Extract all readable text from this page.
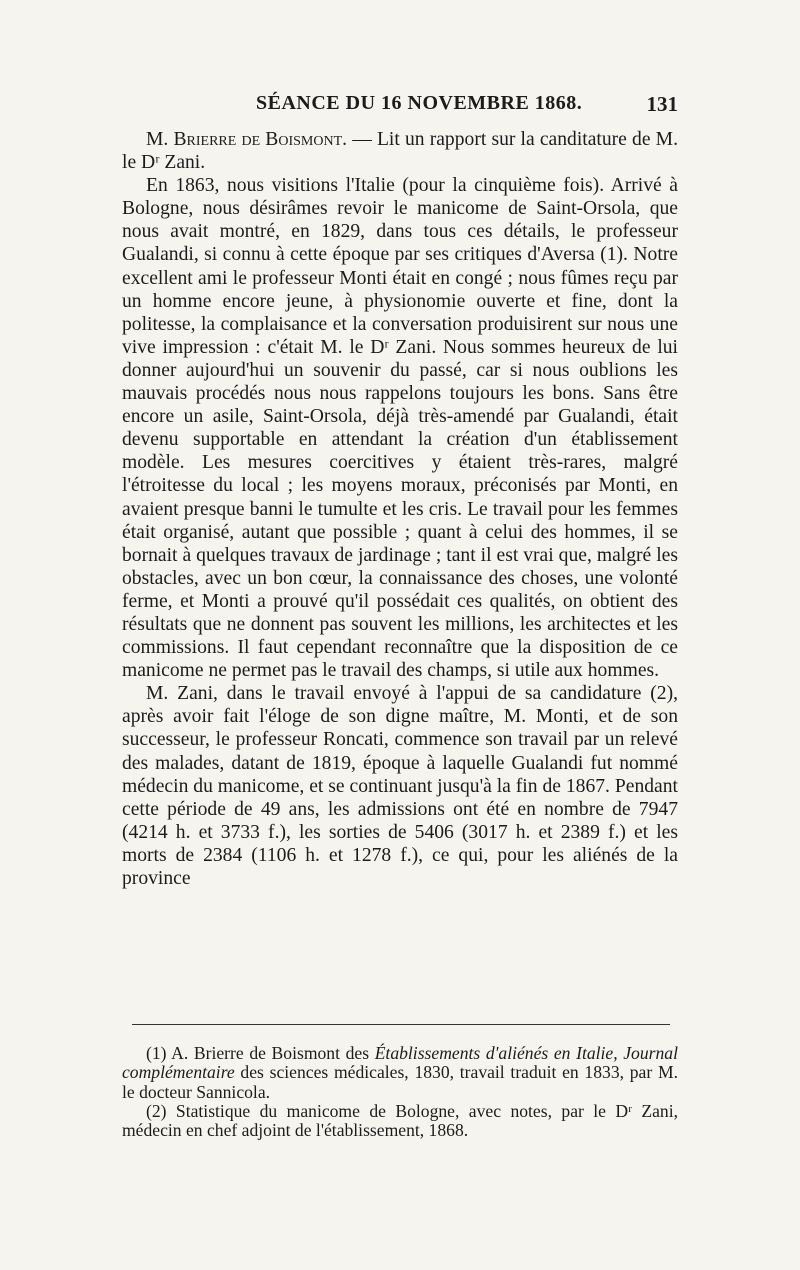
SÉANCE DU 16 NOVEMBRE 1868.	131

M. Brierre de Boismont. — Lit un rapport sur la canditature de M. le Dʳ Zani.

En 1863, nous visitions l'Italie (pour la cinquième fois). Arrivé à Bologne, nous désirâmes revoir le manicome de Saint-Orsola, que nous avait montré, en 1829, dans tous ces détails, le professeur Gualandi, si connu à cette époque par ses critiques d'Aversa (1). Notre excellent ami le professeur Monti était en congé ; nous fûmes reçu par un homme encore jeune, à physionomie ouverte et fine, dont la politesse, la complaisance et la conversation produisirent sur nous une vive impression : c'était M. le Dʳ Zani. Nous sommes heureux de lui donner aujourd'hui un souvenir du passé, car si nous oublions les mauvais procédés nous nous rappelons toujours les bons. Sans être encore un asile, Saint-Orsola, déjà très-amendé par Gualandi, était devenu supportable en attendant la création d'un établissement modèle. Les mesures coercitives y étaient très-rares, malgré l'étroitesse du local ; les moyens moraux, préconisés par Monti, en avaient presque banni le tumulte et les cris. Le travail pour les femmes était organisé, autant que possible ; quant à celui des hommes, il se bornait à quelques travaux de jardinage ; tant il est vrai que, malgré les obstacles, avec un bon cœur, la connaissance des choses, une volonté ferme, et Monti a prouvé qu'il possédait ces qualités, on obtient des résultats que ne donnent pas souvent les millions, les architectes et les commissions. Il faut cependant reconnaître que la disposition de ce manicome ne permet pas le travail des champs, si utile aux hommes.

M. Zani, dans le travail envoyé à l'appui de sa candidature (2), après avoir fait l'éloge de son digne maître, M. Monti, et de son successeur, le professeur Roncati, commence son travail par un relevé des malades, datant de 1819, époque à laquelle Gualandi fut nommé médecin du manicome, et se continuant jusqu'à la fin de 1867. Pendant cette période de 49 ans, les admissions ont été en nombre de 7947 (4214 h. et 3733 f.), les sorties de 5406 (3017 h. et 2389 f.) et les morts de 2384 (1106 h. et 1278 f.), ce qui, pour les aliénés de la province

(1) A. Brierre de Boismont des Établissements d'aliénés en Italie, Journal complémentaire des sciences médicales, 1830, travail traduit en 1833, par M. le docteur Sannicola.

(2) Statistique du manicome de Bologne, avec notes, par le Dʳ Zani, médecin en chef adjoint de l'établissement, 1868.
